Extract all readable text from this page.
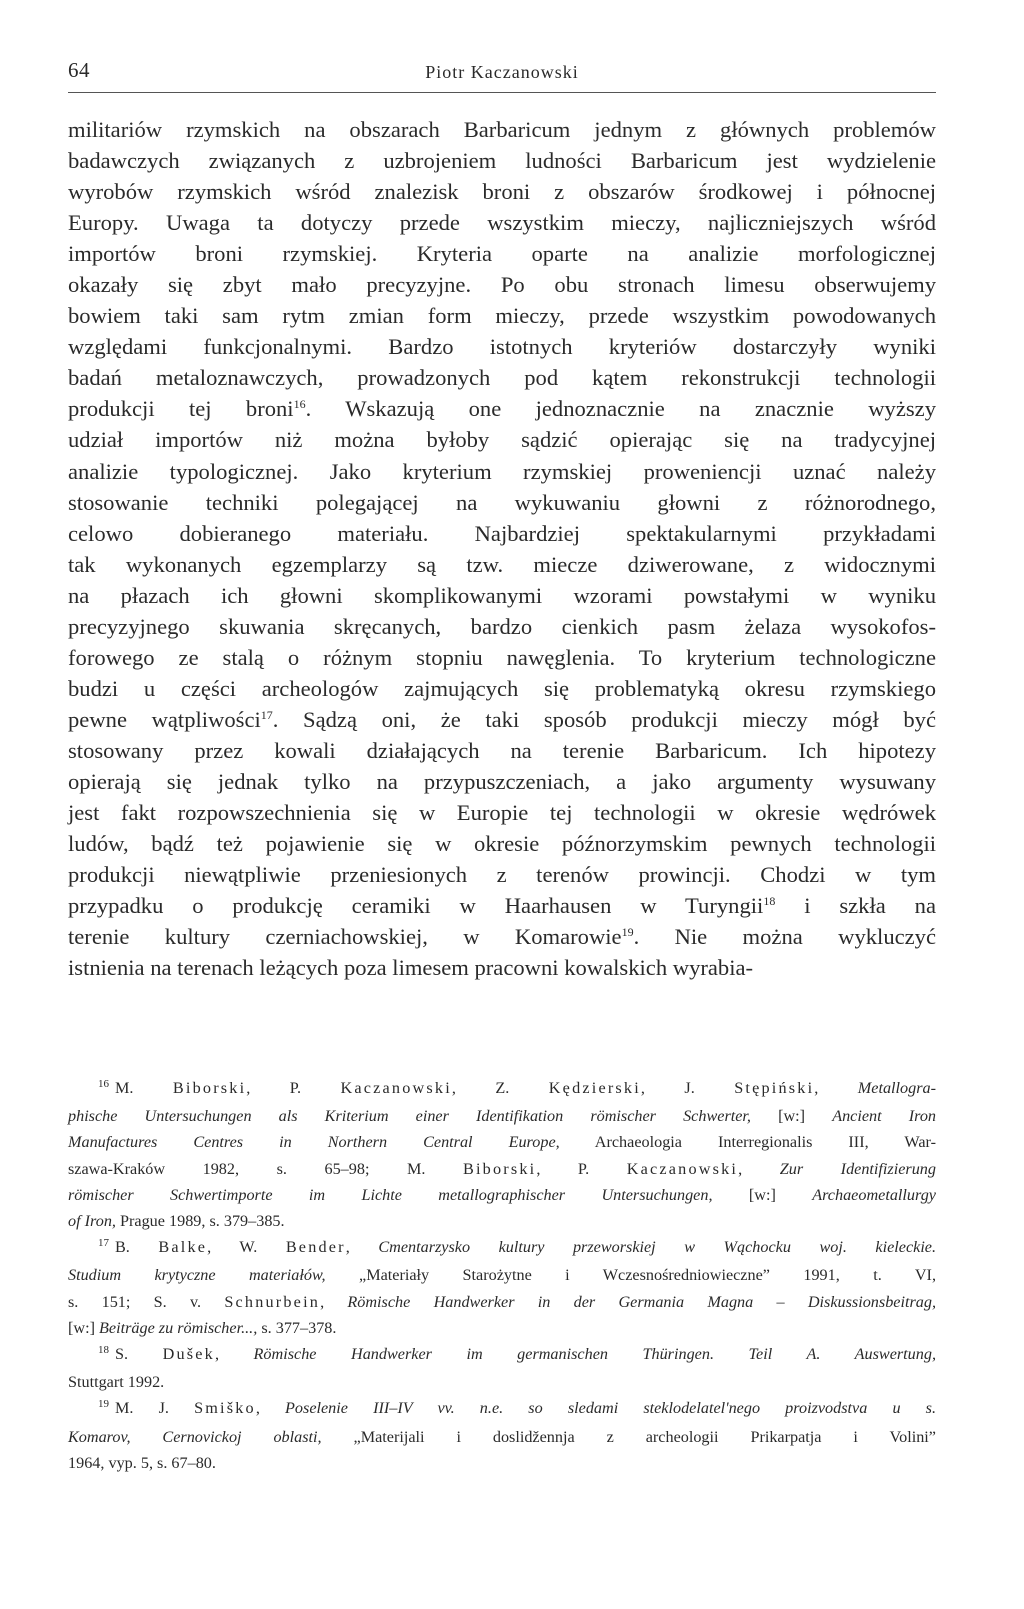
64	Piotr Kaczanowski
militariów rzymskich na obszarach Barbaricum jednym z głównych problemów
badawczych związanych z uzbrojeniem ludności Barbaricum jest wydzielenie
wyrobów rzymskich wśród znalezisk broni z obszarów środkowej i północnej
Europy. Uwaga ta dotyczy przede wszystkim mieczy, najliczniejszych wśród
importów broni rzymskiej. Kryteria oparte na analizie morfologicznej
okazały się zbyt mało precyzyjne. Po obu stronach limesu obserwujemy
bowiem taki sam rytm zmian form mieczy, przede wszystkim powodowanych
względami funkcjonalnymi. Bardzo istotnych kryteriów dostarczyły wyniki
badań metaloznawczych, prowadzonych pod kątem rekonstrukcji technologii
produkcji tej broni$^{16}$. Wskazują one jednoznacznie na znacznie wyższy
udział importów niż można byłoby sądzić opierając się na tradycyjnej
analizie typologicznej. Jako kryterium rzymskiej proweniencji uznać należy
stosowanie techniki polegającej na wykuwaniu głowni z różnorodnego,
celowo dobieranego materiału. Najbardziej spektakularnymi przykładami
tak wykonanych egzemplarzy są tzw. miecze dziwerowane, z widocznymi
na płazach ich głowni skomplikowanymi wzorami powstałymi w wyniku
precyzyjnego skuwania skręcanych, bardzo cienkich pasm żelaza wysokofos-
forowego ze stalą o różnym stopniu nawęglenia. To kryterium technologiczne
budzi u części archeologów zajmujących się problematyką okresu rzymskiego
pewne wątpliwości$^{17}$. Sądzą oni, że taki sposób produkcji mieczy mógł być
stosowany przez kowali działających na terenie Barbaricum. Ich hipotezy
opierają się jednak tylko na przypuszczeniach, a jako argumenty wysuwany
jest fakt rozpowszechnienia się w Europie tej technologii w okresie wędrówek
ludów, bądź też pojawienie się w okresie późnorzymskim pewnych technologii
produkcji niewątpliwie przeniesionych z terenów prowincji. Chodzi w tym
przypadku o produkcję ceramiki w Haarhausen w Turyngii$^{18}$ i szkła na
terenie kultury czerniachowskiej, w Komarowie$^{19}$. Nie można wykluczyć
istnienia na terenach leżących poza limesem pracowni kowalskich wyrabia-
$^{16}$ M. Biborski, P. Kaczanowski, Z. Kędzierski, J. Stępiński, Metallogra-
phische Untersuchungen als Kriterium einer Identifikation römischer Schwerter, [w:] Ancient Iron
Manufactures Centres in Northern Central Europe, Archaeologia Interregionalis III, War-
szawa-Kraków 1982, s. 65–98; M. Biborski, P. Kaczanowski, Zur Identifizierung
römischer Schwertimporte im Lichte metallographischer Untersuchungen, [w:] Archaeometallurgy
of Iron, Prague 1989, s. 379–385.
$^{17}$ B. Balke, W. Bender, Cmentarzysko kultury przeworskiej w Wąchocku woj. kieleckie.
Studium krytyczne materiałów, „Materiały Starożytne i Wczesnośredniowieczne” 1991, t. VI,
s. 151; S. v. Schnurbein, Römische Handwerker in der Germania Magna – Diskussionsbeitrag,
[w:] Beiträge zu römischer..., s. 377–378.
$^{18}$ S. Dušek, Römische Handwerker im germanischen Thüringen. Teil A. Auswertung,
Stuttgart 1992.
$^{19}$ M. J. Smiško, Poselenie III–IV vv. n.e. so sledami steklodelatel'nego proizvodstva u s.
Komarov, Cernovickoj oblasti, „Materijali i doslidžennja z archeologii Prikarpatja i Volini”
1964, vyp. 5, s. 67–80.
